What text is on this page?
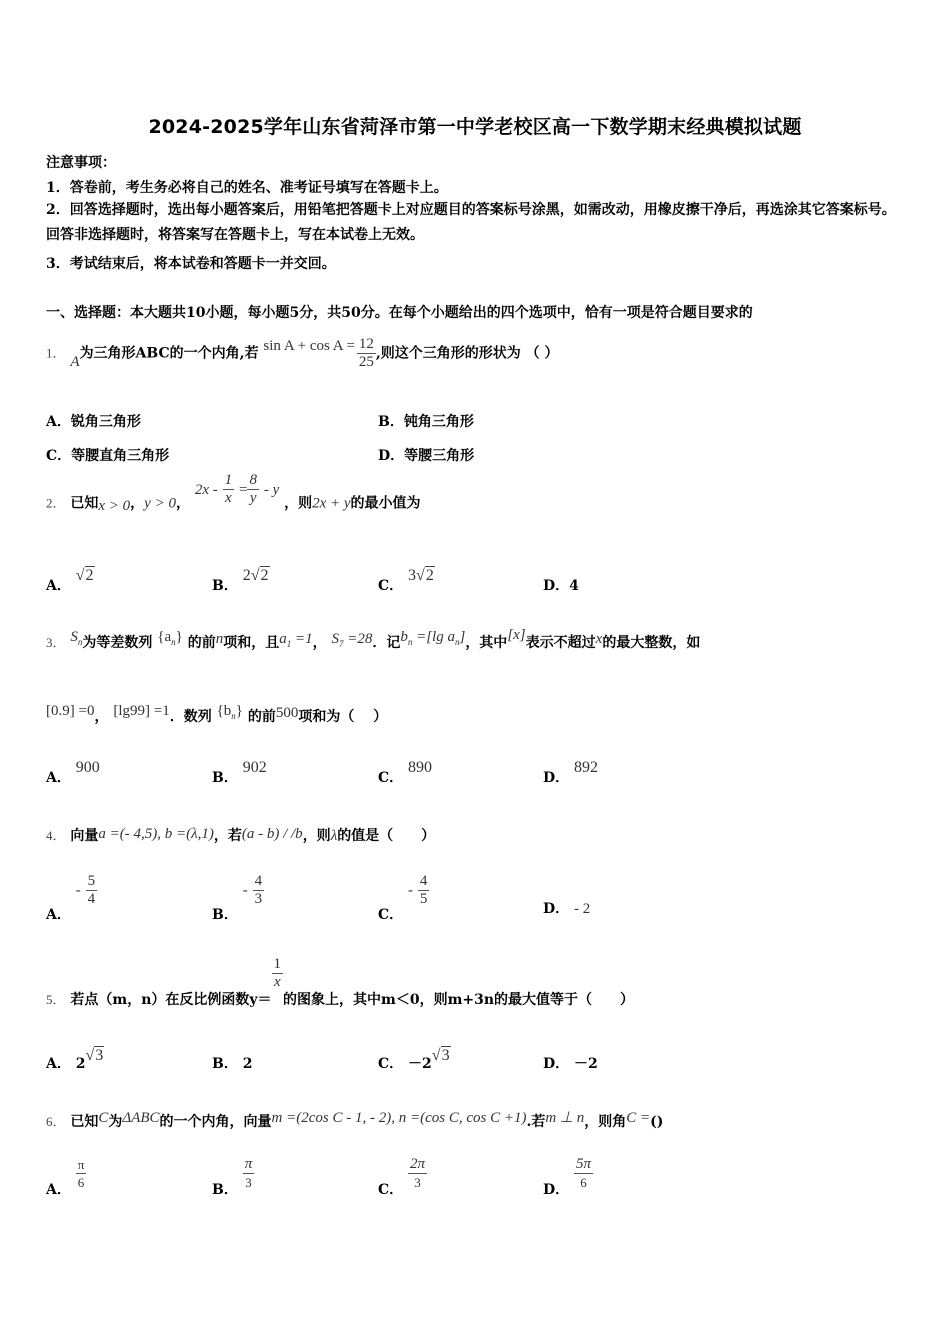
2024-2025学年山东省菏泽市第一中学老校区高一下数学期末经典模拟试题
注意事项：
1．答卷前，考生务必将自己的姓名、准考证号填写在答题卡上。
2．回答选择题时，选出每小题答案后，用铅笔把答题卡上对应题目的答案标号涂黑，如需改动，用橡皮擦干净后，再选涂其它答案标号。回答非选择题时，将答案写在答题卡上，写在本试卷上无效。
3．考试结束后，将本试卷和答题卡一并交回。
一、选择题：本大题共10小题，每小题5分，共50分。在每个小题给出的四个选项中，恰有一项是符合题目要求的
1． A为三角形ABC的一个内角,若 $\sin A + \cos A = \frac{12}{25}$ ,则这个三角形的形状为 （ ）
A．锐角三角形	B．钝角三角形
C．等腰直角三角形	D．等腰三角形
2． 已知x > 0，y > 0， $2x - \frac{1}{x} = \frac{8}{y} - y$ ，则2x + y的最小值为
A． √2
B． 2√2
C． 3√2
D．4
3． $S_n$为等差数列 $\{a_n\}$ 的前n项和，且$a_1 =1$， $S_7 =28$．记$b_n =[\lg$ $a_n$]，其中[x]表示不超过x的最大整数，如
[0.9] =0， [lg99] =1．数列 $\{b_n\}$ 的前500项和为（　 ）
A． 900
B． 902
C． 890
D． 892
4． 向量a =(- 4,5), b =(λ,1)，若(a - b) / /b，则λ的值是（　　）
A． - $\frac{5}{4}$
B． - $\frac{4}{3}$
C． - $\frac{4}{5}$
D． - 2
5． 若点（m，n）在反比例函数y＝
$\frac{1}{x}$
的图象上，其中m＜0，则m+3n的最大值等于（　　）
A． 2√3	B． 2	C． －2√3	D． －2
6． 已知C为ΔABC的一个内角，向量m =(2cos C - 1, - 2), n =(cos C, cos C +1).若m ⊥ n，则角C =()
A． $\frac{\pi}{6}$	B． $\frac{\pi}{3}$	C． $\frac{2\pi}{3}$	D． $\frac{5\pi}{6}$
